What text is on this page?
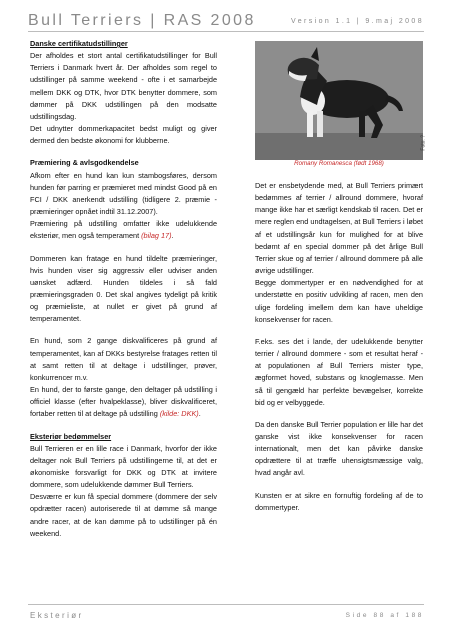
Bull Terriers | RAS 2008	Version 1.1 | 9.maj 2008

Danske certifikatudstillinger

Der afholdes et stort antal certifikatudstillinger for Bull Terriers i Danmark hvert år. Der afholdes som regel to udstillinger på samme weekend - ofte i et samarbejde mellem DKK og DTK, hvor DTK benytter dommere, som dømmer på DKK udstillingen på den modsatte udstillingsdag.

Det udnytter dommerkapacitet bedst muligt og giver dermed den bedste økonomi for klubberne.

Præmiering & avlsgodkendelse

Afkom efter en hund kan kun stambogsføres, dersom hunden før parring er præmieret med mindst Good på en FCI / DKK anerkendt udstilling (tidligere 2. præmie - præmieringer opnået indtil 31.12.2007).

Præmiering på udstilling omfatter ikke udelukkende eksteriør, men også temperament (bilag 17).

Dommeren kan fratage en hund tildelte præmieringer, hvis hunden viser sig aggressiv eller udviser anden uønsket adfærd. Hunden tildeles i så fald præmieringsgraden 0. Det skal angives tydeligt på kritik og præmieliste, at nullet er givet på grund af temperamentet.

En hund, som 2 gange diskvalificeres på grund af temperamentet, kan af DKKs bestyrelse fratages retten til at samt retten til at deltage i udstillinger, prøver, konkurrencer m.v.

En hund, der to første gange, den deltager på udstilling i officiel klasse (efter hvalpeklasse), bliver diskvalificeret, fortaber retten til at deltage på udstilling (kilde: DKK).

Eksteriør bedømmelser

Bull Terrieren er en lille race i Danmark, hvorfor der ikke deltager nok Bull Terriers på udstillingerne til, at det er økonomiske forsvarligt for DKK og DTK at invitere dommere, som udelukkende dømmer Bull Terriers.

Desværre er kun få special dommere (dommere der selv opdrætter racen) autoriserede til at dømme så mange andre racer, at de kan dømme på to udstillinger på én weekend.

Foto: ?
Romany Romanesca (født 1968)

Det er ensbetydende med, at Bull Terriers primært bedømmes af terrier / allround dommere, hvoraf mange ikke har et særligt kendskab til racen. Det er mere reglen end undtagelsen, at Bull Terriers i løbet af et udstillingsår kun for mulighed for at blive bedømt af en special dommer på det årlige Bull Terrier skue og af terrier / allround dommere på alle øvrige udstillinger.

Begge dommertyper er en nødvendighed for at understøtte en positiv udvikling af racen, men den ulige fordeling imellem dem kan have uheldige konsekvenser for racen.

F.eks. ses det i lande, der udelukkende benytter terrier / allround dommere - som et resultat heraf - at populationen af Bull Terriers mister type, ægformet hoved, substans og knoglemasse. Men så til gengæld har perfekte bevægelser, korrekte bid og er velbyggede.

Da den danske Bull Terrier population er lille har det ganske vist ikke konsekvenser for racen internationalt, men det kan påvirke danske opdrættere til at træffe uhensigtsmæssige valg, hvad angår avl.

Kunsten er at sikre en fornuftig fordeling af de to dommertyper.

Eksteriør	Side 88 af 188
